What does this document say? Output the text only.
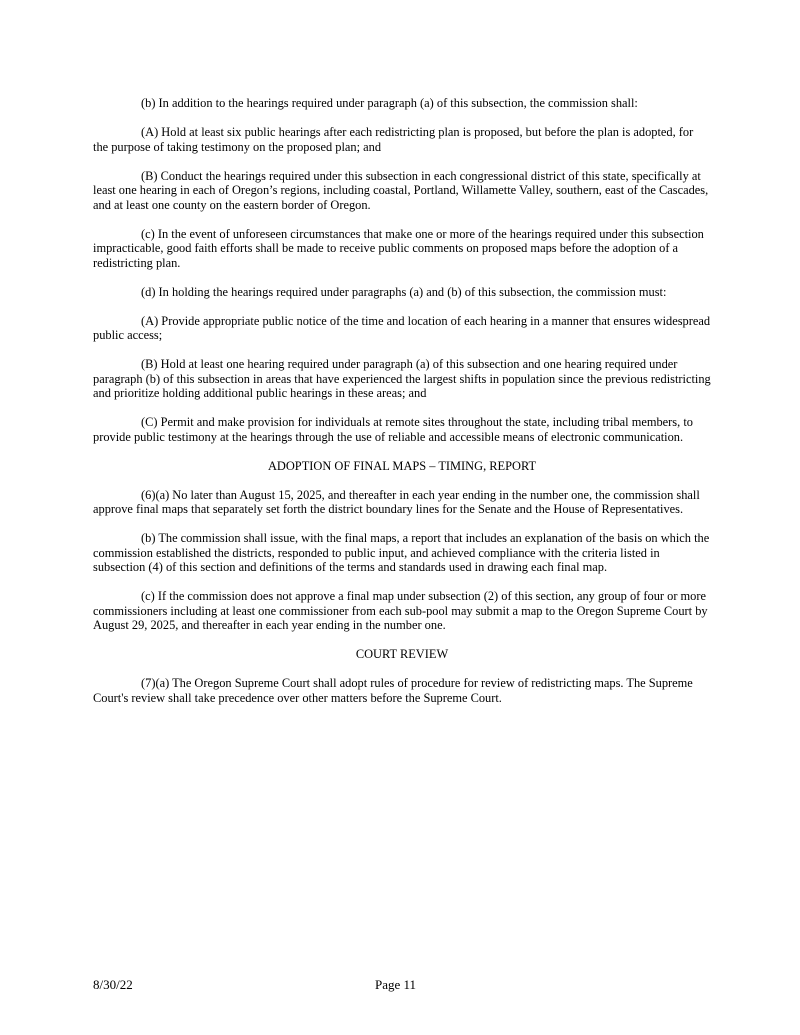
(b) In addition to the hearings required under paragraph (a) of this subsection, the commission shall:

(A) Hold at least six public hearings after each redistricting plan is proposed, but before the plan is adopted, for the purpose of taking testimony on the proposed plan; and

(B) Conduct the hearings required under this subsection in each congressional district of this state, specifically at least one hearing in each of Oregon’s regions, including coastal, Portland, Willamette Valley, southern, east of the Cascades, and at least one county on the eastern border of Oregon.

(c) In the event of unforeseen circumstances that make one or more of the hearings required under this subsection impracticable, good faith efforts shall be made to receive public comments on proposed maps before the adoption of a redistricting plan.

(d) In holding the hearings required under paragraphs (a) and (b) of this subsection, the commission must:

(A) Provide appropriate public notice of the time and location of each hearing in a manner that ensures widespread public access;

(B) Hold at least one hearing required under paragraph (a) of this subsection and one hearing required under paragraph (b) of this subsection in areas that have experienced the largest shifts in population since the previous redistricting and prioritize holding additional public hearings in these areas; and

(C) Permit and make provision for individuals at remote sites throughout the state, including tribal members, to provide public testimony at the hearings through the use of reliable and accessible means of electronic communication.

ADOPTION OF FINAL MAPS – TIMING, REPORT

(6)(a) No later than August 15, 2025, and thereafter in each year ending in the number one, the commission shall approve final maps that separately set forth the district boundary lines for the Senate and the House of Representatives.

(b) The commission shall issue, with the final maps, a report that includes an explanation of the basis on which the commission established the districts, responded to public input, and achieved compliance with the criteria listed in subsection (4) of this section and definitions of the terms and standards used in drawing each final map.

(c) If the commission does not approve a final map under subsection (2) of this section, any group of four or more commissioners including at least one commissioner from each sub-pool may submit a map to the Oregon Supreme Court by August 29, 2025, and thereafter in each year ending in the number one.

COURT REVIEW

(7)(a) The Oregon Supreme Court shall adopt rules of procedure for review of redistricting maps. The Supreme Court's review shall take precedence over other matters before the Supreme Court.

8/30/22	Page 11
